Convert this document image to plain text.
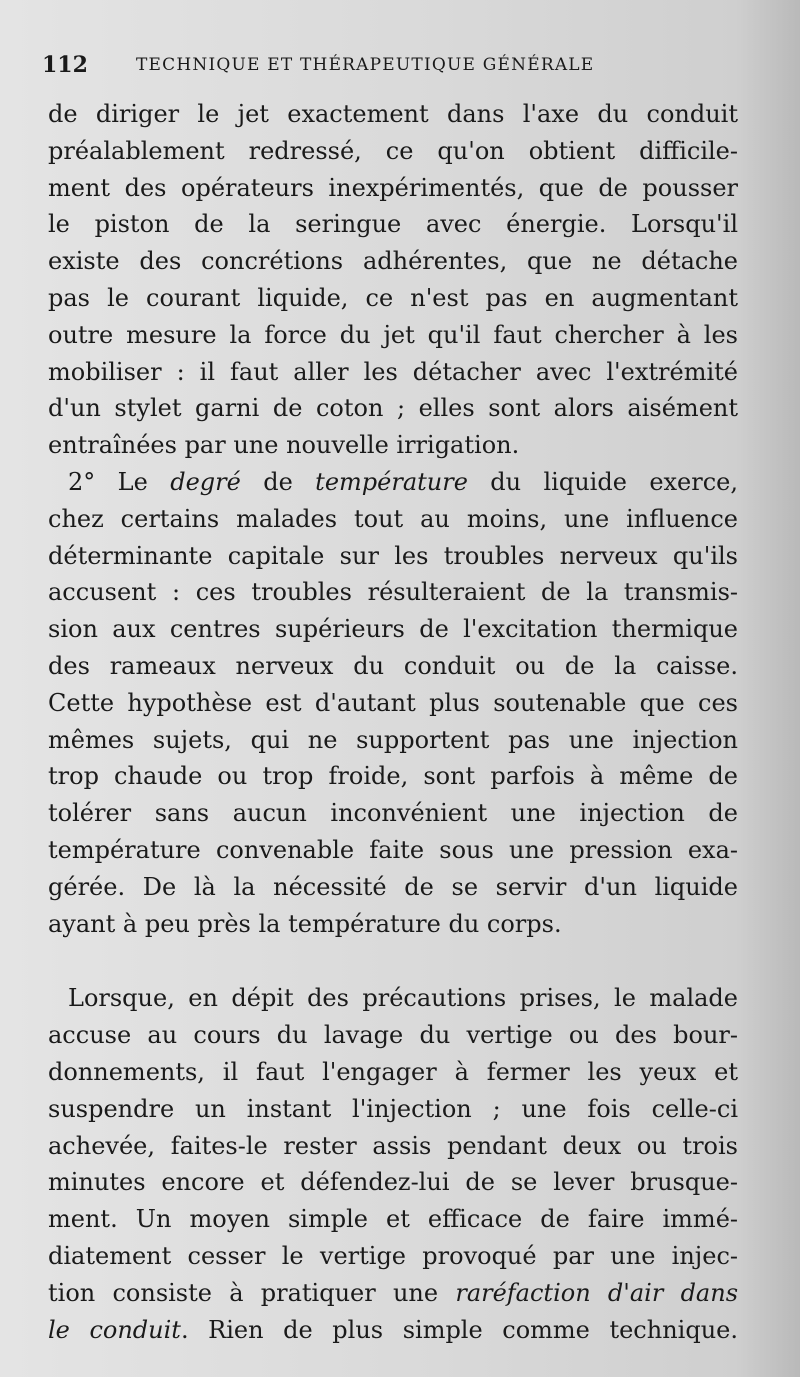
112	TECHNIQUE ET THÉRAPEUTIQUE GÉNÉRALE
de diriger le jet exactement dans l'axe du conduit
préalablement redressé, ce qu'on obtient difficile-
ment des opérateurs inexpérimentés, que de pousser
le piston de la seringue avec énergie. Lorsqu'il
existe des concrétions adhérentes, que ne détache
pas le courant liquide, ce n'est pas en augmentant
outre mesure la force du jet qu'il faut chercher à les
mobiliser : il faut aller les détacher avec l'extrémité
d'un stylet garni de coton ; elles sont alors aisément
entraînées par une nouvelle irrigation.
2° Le degré de température du liquide exerce,
chez certains malades tout au moins, une influence
déterminante capitale sur les troubles nerveux qu'ils
accusent : ces troubles résulteraient de la transmis-
sion aux centres supérieurs de l'excitation thermique
des rameaux nerveux du conduit ou de la caisse.
Cette hypothèse est d'autant plus soutenable que ces
mêmes sujets, qui ne supportent pas une injection
trop chaude ou trop froide, sont parfois à même de
tolérer sans aucun inconvénient une injection de
température convenable faite sous une pression exa-
gérée. De là la nécessité de se servir d'un liquide
ayant à peu près la température du corps.
Lorsque, en dépit des précautions prises, le malade
accuse au cours du lavage du vertige ou des bour-
donnements, il faut l'engager à fermer les yeux et
suspendre un instant l'injection ; une fois celle-ci
achevée, faites-le rester assis pendant deux ou trois
minutes encore et défendez-lui de se lever brusque-
ment. Un moyen simple et efficace de faire immé-
diatement cesser le vertige provoqué par une injec-
tion consiste à pratiquer une raréfaction d'air dans
le conduit. Rien de plus simple comme technique.
